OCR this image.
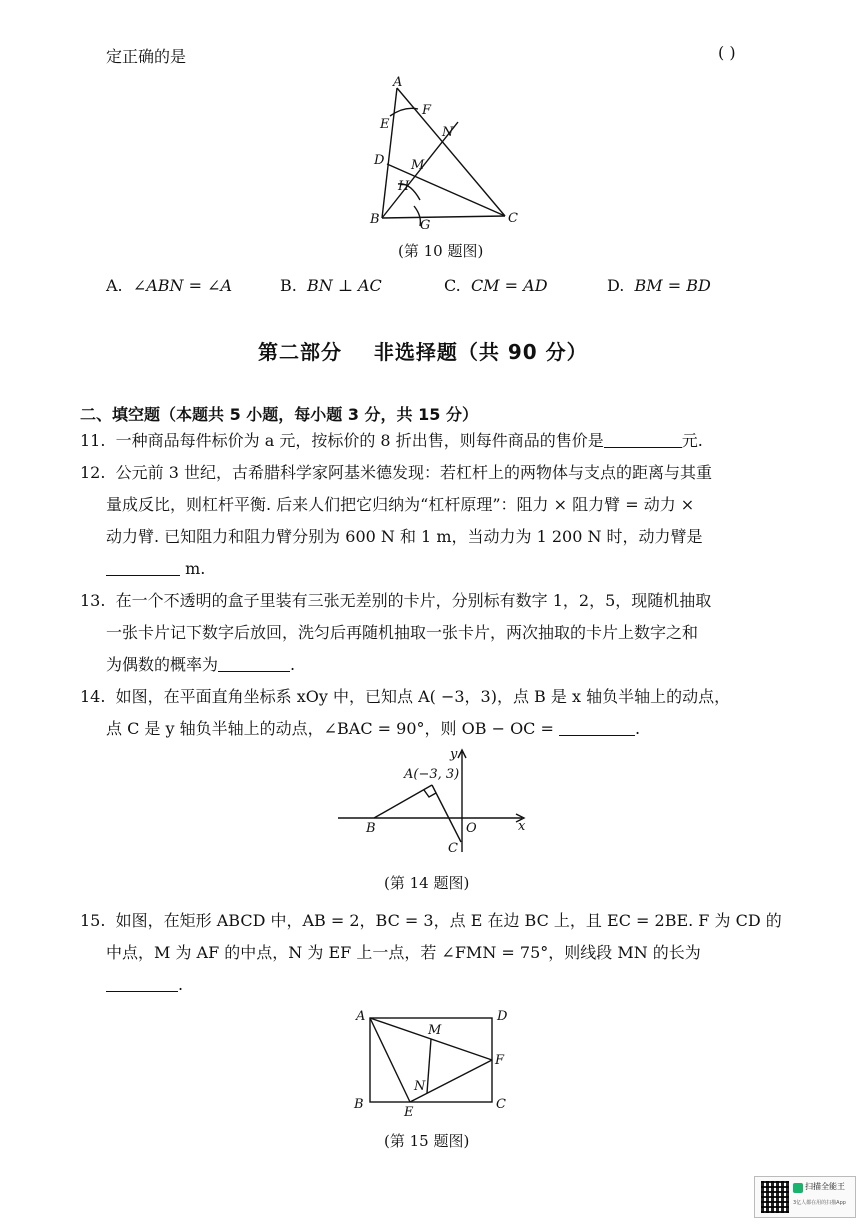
定正确的是	( )
A
F
E
N
D M
H
B	G	C
(第 10 题图)
A. ∠ABN = ∠A	B. BN ⊥ AC	C. CM = AD	D. BM = BD
第二部分    非选择题（共 90 分）
二、填空题（本题共 5 小题，每小题 3 分，共 15 分）
11. 一种商品每件标价为 a 元，按标价的 8 折出售，则每件商品的售价是	元.
12. 公元前 3 世纪，古希腊科学家阿基米德发现：若杠杆上的两物体与支点的距离与其重
量成反比，则杠杆平衡. 后来人们把它归纳为“杠杆原理”：阻力 × 阻力臂 = 动力 ×
动力臂. 已知阻力和阻力臂分别为 600 N 和 1 m，当动力为 1 200 N 时，动力臂是
m.
13. 在一个不透明的盒子里装有三张无差别的卡片，分别标有数字 1，2，5，现随机抽取
一张卡片记下数字后放回，洗匀后再随机抽取一张卡片，两次抽取的卡片上数字之和
为偶数的概率为	.
14. 如图，在平面直角坐标系 xOy 中，已知点 A( −3，3)，点 B 是 x 轴负半轴上的动点，
点 C 是 y 轴负半轴上的动点，∠BAC = 90°，则 OB − OC =	.
A(−3, 3)
y
x
B	O
C
(第 14 题图)
15. 如图，在矩形 ABCD 中，AB = 2，BC = 3，点 E 在边 BC 上，且 EC = 2BE. F 为 CD 的
中点，M 为 AF 的中点，N 为 EF 上一点，若 ∠FMN = 75°，则线段 MN 的长为
.
A	D
M
F
N
B
E
C
(第 15 题图)
扫描全能王
3亿人都在用的扫描App
